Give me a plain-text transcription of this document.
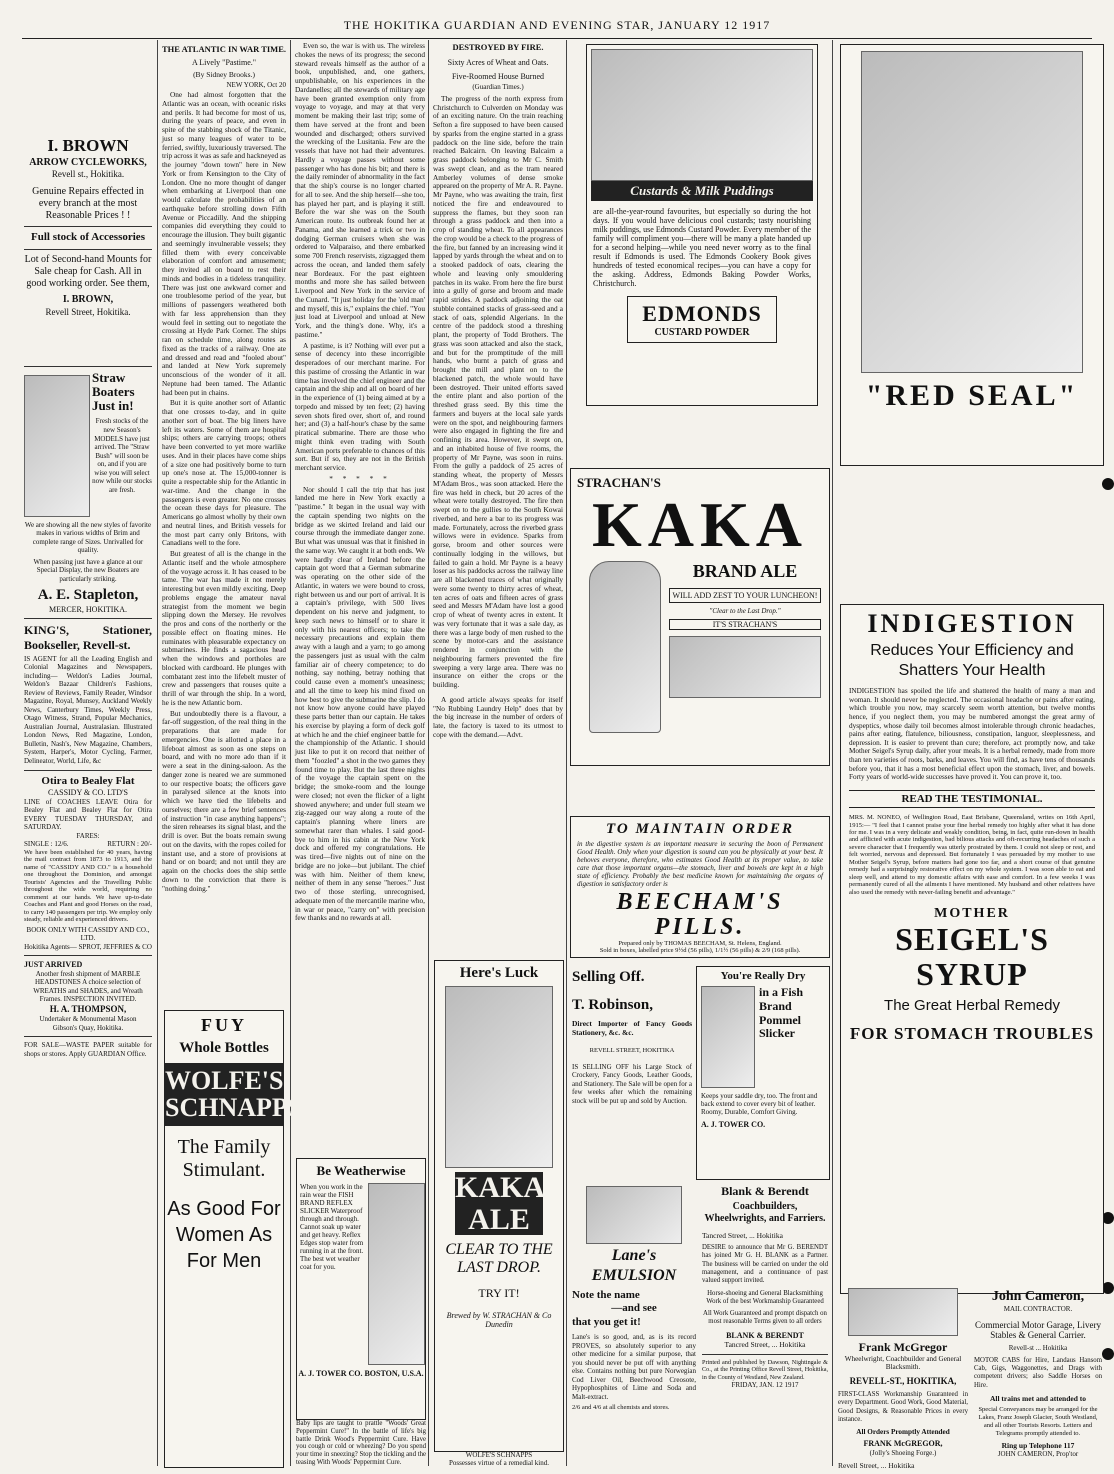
THE HOKITIKA GUARDIAN AND EVENING STAR, JANUARY 12 1917
I. BROWN
ARROW CYCLEWORKS,
Revell st., Hokitika.
Genuine Repairs effected in every branch at the most Reasonable Prices ! !
Full stock of Accessories
Lot of Second-hand Mounts for Sale cheap for Cash. All in good working order. See them,
I. BROWN,
Revell Street, Hokitika.
Straw Boaters Just in!
Fresh stocks of the new Season's MODELS have just arrived. The "Straw Bush" will soon be on, and if you are wise you will select now while our stocks are fresh.
We are showing all the new styles of favorite makes in various widths of Brim and complete range of Sizes. Unrivalled for quality.
When passing just have a glance at our Special Display, the new Boaters are particularly striking.
A. E. Stapleton,
MERCER, HOKITIKA.
KING'S, Stationer, Bookseller, Revell-st.
IS AGENT for all the Leading English and Colonial Magazines and Newspapers, including— Weldon's Ladies Journal, Weldon's Bazaar Children's Fashions, Review of Reviews, Family Reader, Windsor Magazine, Royal, Munsey, Auckland Weekly News, Canterbury Times, Weekly Press, Otago Witness, Strand, Popular Mechanics, Australian Journal, Australasian. Illustrated London News, Red Magazine, London, Bulletin, Nash's, New Magazine, Chambers, System, Harper's, Motor Cycling, Farmer, Delineator, World, Life, &c
Otira to Bealey Flat
CASSIDY & CO. LTD'S
LINE of COACHES LEAVE Otira for Bealey Flat and Bealey Flat for Otira EVERY TUESDAY THURSDAY, and SATURDAY.
FARES:
SINGLE : 12/6.	RETURN : 20/-
We have been established for 40 years, having the mail contract from 1873 to 1913, and the name of "CASSIDY AND CO." is a household one throughout the Dominion, and amongst Tourists' Agencies and the Travelling Public throughout the wide world, requiring no comment at our hands. We have up-to-date Coaches and Plant and good Horses on the road, to carry 140 passengers per trip. We employ only steady, reliable and experienced drivers.
BOOK ONLY WITH CASSIDY AND CO., LTD.
Hokitika Agents— SPROT, JEFFRIES & CO
JUST ARRIVED
Another fresh shipment of MARBLE HEADSTONES A choice selection of WREATHS and SHADES, and Wreath Frames. INSPECTION INVITED.
H. A. THOMPSON,
Undertaker & Monumental Mason
Gibson's Quay, Hokitika.
FOR SALE—WASTE PAPER suitable for shops or stores. Apply GUARDIAN Office.
THE ATLANTIC IN WAR TIME.
A Lively "Pastime."
(By Sidney Brooks.)
NEW YORK, Oct 20

One had almost forgotten that the Atlantic was an ocean, with oceanic risks and perils. It had become for most of us, during the years of peace, and even in spite of the stabbing shock of the Titanic, just so many leagues of water to be ferried, swiftly, luxuriously traversed. The trip across it was as safe and hackneyed as the journey "down town" here in New York or from Kensington to the City of London. One no more thought of danger when embarking at Liverpool than one would calculate the probabilities of an earthquake before strolling down Fifth Avenue or Piccadilly. And the shipping companies did everything they could to encourage the illusion. They built gigantic and seemingly invulnerable vessels; they filled them with every conceivable elaboration of comfort and amusement; they invited all on board to rest their minds and bodies in a tideless tranquility. There was just one awkward corner and one troublesome period of the year, but millions of passengers weathered both with far less apprehension than they would feel in setting out to negotiate the crossing at Hyde Park Corner. The ships ran on schedule time, along routes as fixed as the tracks of a railway. One ate and dressed and read and "fooled about" and landed at New York supremely unconscious of the wonder of it all. Neptune had been tamed. The Atlantic had been put in chains.

But it is quite another sort of Atlantic that one crosses to-day, and in quite another sort of boat. The big liners have left its waters. Some of them are hospital ships; others are carrying troops; others have been converted to yet more warlike uses. And in their places have come ships of a size one had positively borne to turn up one's nose at. The 15,000-tonner is quite a respectable ship for the Atlantic in war-time. And the change in the passengers is even greater. No one crosses the ocean these days for pleasure. The Americans go almost wholly by their own and neutral lines, and British vessels for the most part carry only Britons, with Canadians well to the fore.

But greatest of all is the change in the Atlantic itself and the whole atmosphere of the voyage across it. It has ceased to be tame. The war has made it not merely interesting but even mildly exciting. Deep problems engage the amateur naval strategist from the moment we begin slipping down the Mersey. He revolves the pros and cons of the northerly or the possible effect on floating mines. He ruminates with pleasurable expectancy on submarines. He finds a sagacious head when the windows and portholes are blocked with cardboard. He plunges with combatant zest into the lifebelt muster of crew and passengers that rouses quite a thrill of war through the ship. In a word, he is the new Atlantic born.

But undoubtedly there is a flavour, a far-off suggestion, of the real thing in the preparations that are made for emergencies. One is allotted a place in a lifeboat almost as soon as one steps on board, and with no more ado than if it were a seat in the dining-saloon. As the danger zone is neared we are summoned to our respective boats; the officers gave in paralysed silence at the knots into which we have tied the lifebelts and ourselves; there are a few brief sentences of instruction "in case anything happens"; the siren rehearses its signal blast, and the drill is over. But the boats remain swung out on the davits, with the ropes coiled for instant use, and a store of provisions at hand or on board; and not until they are again on the chocks does the ship settle down to the conviction that there is "nothing doing."

FUY
Whole Bottles
WOLFE'S SCHNAPPS
The Family Stimulant.
As Good For Women As For Men

Even so, the war is with us. The wireless chokes the news of its progress; the second steward reveals himself as the author of a book, unpublished, and, one gathers, unpublishable, on his experiences in the Dardanelles; all the stewards of military age have been granted exemption only from voyage to voyage, and may at that very moment be making their last trip; some of them have served at the front and been wounded and discharged; others survived the wrecking of the Lusitania. Few are the vessels that have not had their adventures. Hardly a voyage passes without some passenger who has done his bit; and there is the daily reminder of abnormality in the fact that the ship's course is no longer charted for all to see. And the ship herself—she too, has played her part, and is playing it still. Before the war she was on the South American route. Its outbreak found her at Panama, and she learned a trick or two in dodging German cruisers when she was ordered to Valparaiso, and there embarked some 700 French reservists, zigzagged them across the ocean, and landed them safely near Bordeaux. For the past eighteen months and more she has sailed between Liverpool and New York in the service of the Cunard. "It just holiday for the 'old man' and myself, this is," explains the chief. "You just load at Liverpool and unload at New York, and the thing's done. Why, it's a pastime."

A pastime, is it? Nothing will ever put a sense of decency into these incorrigible desperadoes of our merchant marine. For this pastime of crossing the Atlantic in war time has involved the chief engineer and the captain and the ship and all on board of her in the experience of (1) being aimed at by a torpedo and missed by ten feet; (2) having seven shots fired over, short of, and round her; and (3) a half-hour's chase by the same piratical submarine. There are those who might think even trading with South American ports preferable to chances of this sort. But if so, they are not in the British merchant service.

* * * * *

Nor should I call the trip that has just landed me here in New York exactly a "pastime." It began in the usual way with the captain spending two nights on the bridge as we skirted Ireland and laid our course through the immediate danger zone. But what was unusual was that it finished in the same way. We caught it at both ends. We were hardly clear of Ireland before the captain got word that a German submarine was operating on the other side of the Atlantic, in waters we were bound to cross, right between us and our port of arrival. It is a captain's privilege, with 500 lives dependent on his nerve and judgment, to keep such news to himself or to share it only with his nearest officers; to take the necessary precautions and explain them away with a laugh and a yarn; to go among the passengers just as usual with the calm familiar air of cheery competence; to do nothing, say nothing, betray nothing that could cause even a moment's uneasiness; and all the time to keep his mind fixed on how best to give the submarine the slip. I do not know how anyone could have played these parts better than our captain. He takes his exercise by playing a form of deck golf at which he and the chief engineer battle for the championship of the Atlantic. I should just like to put it on record that neither of them "foozled" a shot in the two games they found time to play. But the last three nights of the voyage the captain spent on the bridge; the smoke-room and the lounge were closed; not even the flicker of a light showed anywhere; and under full steam we zig-zagged our way along a route of the captain's planning where liners are somewhat rarer than whales. I said good-bye to him in his cabin at the New York dock and offered my congratulations. He was tired—five nights out of nine on the bridge are no joke—but jubilant. The chief was with him. Neither of them knew, neither of them in any sense "heroes." Just two of those sterling, unrecognised, adequate men of the mercantile marine who, in war or peace, "carry on" with precision few thanks and no rewards at all.

Be Weatherwise
When you work in the rain wear the FISH BRAND REFLEX SLICKER Waterproof through and through. Cannot soak up water and get heavy. Reflex Edges stop water from running in at the front. The best wet weather coat for you.
A. J. TOWER CO. BOSTON, U.S.A.
Baby lips are taught to prattle "Woods' Great Peppermint Cure!" In the battle of life's big battle Drink Wood's Peppermint Cure. Have you cough or cold or wheezing? Do you spend your time in sneezing? Stop the tickling and the teasing With Woods' Peppermint Cure.
DESTROYED BY FIRE.
Sixty Acres of Wheat and Oats.
Five-Roomed House Burned
(Guardian Times.)

The progress of the north express from Christchurch to Culverden on Monday was of an exciting nature. On the train reaching Sefton a fire supposed to have been caused by sparks from the engine started in a grass paddock on the line side, before the train reached Balcairn. On leaving Balcairn a grass paddock belonging to Mr C. Smith was swept clean, and as the tram neared Amberley volumes of dense smoke appeared on the property of Mr A. R. Payne. Mr Payne, who was awaiting the train, first noticed the fire and endeavoured to suppress the flames, but they soon ran through a grass paddock and then into a crop of standing wheat. To all appearances the crop would be a check to the progress of the fire, but fanned by an increasing wind it lapped by yards through the wheat and on to a stooked paddock of oats, clearing the whole and leaving only smouldering patches in its wake. From here the fire burst into a gully of gorse and broom and made rapid strides. A paddock adjoining the oat stubble contained stacks of grass-seed and a stack of oats, splendid Algerians. In the centre of the paddock stood a threshing plant, the property of Todd Brothers. The grass was soon attacked and also the stack, and but for the promptitude of the mill hands, who burnt a patch of grass and brought the mill and plant on to the blackened patch, the whole would have been destroyed. Their united efforts saved the entire plant and also portion of the threshed grass seed. By this time the farmers and buyers at the local sale yards were on the spot, and neighbouring farmers were also engaged in fighting the fire and confining its area. However, it swept on, and an inhabited house of five rooms, the property of Mr Payne, was soon in ruins. From the gully a paddock of 25 acres of standing wheat, the property of Messrs M'Adam Bros., was soon attacked. Here the fire was held in check, but 20 acres of the wheat were totally destroyed. The fire then swept on to the gullies to the South Kowai riverbed, and here a bar to its progress was made. Fortunately, across the riverbed grass willows were in evidence. Sparks from gorse, broom and other sources were continually lodging in the willows, but failed to gain a hold. Mr Payne is a heavy loser as his paddocks across the railway line are all blackened traces of what originally were some twenty to thirty acres of wheat, ten acres of oats and fifteen acres of grass seed and Messrs M'Adam have lost a good crop of wheat of twenty acres in extent. It was very fortunate that it was a sale day, as there was a large body of men rushed to the scene by motor-cars and the assistance rendered in conjunction with the neighbouring farmers prevented the fire sweeping a very large area. There was no insurance on either the crops or the building.

A good article always speaks for itself "No Rubbing Laundry Help" does that by the big increase in the number of orders of late, the factory is taxed to its utmost to cope with the demand.—Advt.

Here's Luck
KAKA ALE
CLEAR TO THE LAST DROP.
TRY IT!
Brewed by W. STRACHAN & Co Dunedin
WOLFE'S SCHNAPPS
Possesses virtue of a remedial kind.
Custards & Milk Puddings
are all-the-year-round favourites, but especially so during the hot days. If you would have delicious cool custards; tasty nourishing milk puddings, use Edmonds Custard Powder. Every member of the family will compliment you—there will be many a plate handed up for a second helping—while you need never worry as to the final result if Edmonds is used. The Edmonds Cookery Book gives hundreds of tested economical recipes—you can have a copy for the asking. Address, Edmonds Baking Powder Works, Christchurch.
EDMONDS
CUSTARD POWDER
STRACHAN'S
KAKA
BRAND ALE
WILL ADD ZEST TO YOUR LUNCHEON!
"Clear to the Last Drop."
IT'S STRACHAN'S
TO MAINTAIN ORDER
in the digestive system is an important measure in securing the boon of Permanent Good Health. Only when your digestion is sound can you be physically at your best. It behoves everyone, therefore, who estimates Good Health at its proper value, to take care that those important organs—the stomach, liver and bowels are kept in a high state of efficiency. Probably the best medicine known for maintaining the organs of digestion in satisfactory order is
BEECHAM'S PILLS.
Prepared only by THOMAS BEECHAM, St. Helens, England.
Sold in boxes, labelled price 9½d (56 pills), 1/1½ (56 pills) & 2/9 (168 pills).
Selling Off.
T. Robinson,
Direct Importer of Fancy Goods Stationery, &c. &c.
REVELL STREET, HOKITIKA
IS SELLING OFF his Large Stock of Crockery, Fancy Goods, Leather Goods, and Stationery. The Sale will be open for a few weeks after which the remaining stock will be put up and sold by Auction.
You're Really Dry
in a Fish Brand Pommel Slicker
Keeps your saddle dry, too. The front and back extend to cover every bit of leather. Roomy, Durable, Comfort Giving.
A. J. TOWER CO.
Lane's EMULSION
Note the name
—and see
that you get it!
Lane's is so good, and, as is its record PROVES, so absolutely superior to any other medicine for a similar purpose, that you should never be put off with anything else. Contains nothing but pure Norwegian Cod Liver Oil, Beechwood Creosote, Hypophosphites of Lime and Soda and Malt-extract.
2/6 and 4/6 at all chemists and stores.
Blank & Berendt
Coachbuilders, Wheelwrights, and Farriers.
Tancred Street, ... Hokitika
DESIRE to announce that Mr G. BERENDT has joined Mr G. H. BLANK as a Partner. The business will be carried on under the old management, and a continuance of past valued support invited.
Horse-shoeing and General Blacksmithing Work of the best Workmanship Guaranteed
All Work Guaranteed and prompt dispatch on most reasonable Terms given to all orders
BLANK & BERENDT
Tancred Street, ... Hokitika
Printed and published by Dawson, Nightingale & Co., at the Printing Office Revell Street, Hokitika, in the County of Westland, New Zealand.
FRIDAY, JAN. 12 1917
"RED SEAL"
INDIGESTION
Reduces Your Efficiency and Shatters Your Health
INDIGESTION has spoiled the life and shattered the health of many a man and woman. It should never be neglected. The occasional headache or pains after eating, which trouble you now, may scarcely seem worth attention, but twelve months hence, if you neglect them, you may be numbered amongst the great army of dyspeptics, whose daily toil becomes almost intolerable through chronic headaches, pains after eating, flatulence, biliousness, constipation, languor, sleeplessness, and depression. It is easier to prevent than cure; therefore, act promptly now, and take Mother Seigel's Syrup daily, after your meals. It is a herbal remedy, made from more than ten varieties of roots, barks, and leaves. You will find, as have tens of thousands before you, that it has a most beneficial effect upon the stomach, liver, and bowels. Forty years of world-wide successes have proved it. You can prove it, too.
READ THE TESTIMONIAL.
MRS. M. NONEO, of Wellington Road, East Brisbane, Queensland, writes on 16th April, 1915:— "I feel that I cannot praise your fine herbal remedy too highly after what it has done for me. I was in a very delicate and weakly condition, being, in fact, quite run-down in health and afflicted with acute indigestion, bad bilious attacks and oft-recurring headaches of such a severe character that I frequently was utterly prostrated by them. I could not sleep or rest, and felt worried, nervous and depressed. But fortunately I was persuaded by my mother to use Mother Seigel's Syrup, before matters had gone too far, and a short course of that genuine remedy had a surprisingly restorative effect on my whole system. I was soon able to eat and sleep well, and attend to my domestic affairs with ease and comfort. In a few weeks I was permanently cured of all the ailments I have mentioned. My husband and other relatives have also used the remedy with never-failing benefit and advantage."
MOTHER
SEIGEL'S SYRUP
The Great Herbal Remedy
FOR STOMACH TROUBLES
Frank McGregor
Wheelwright, Coachbuilder and General Blacksmith.
REVELL-ST., HOKITIKA,
FIRST-CLASS Workmanship Guaranteed in every Department. Good Work, Good Material, Good Designs, & Reasonable Prices in every instance.
All Orders Promptly Attended
FRANK McGREGOR,
(Jolly's Shoeing Forge.)
Revell Street, ... Hokitika
John Cameron,
MAIL CONTRACTOR.
Commercial Motor Garage, Livery Stables & General Carrier.
Revell-st ... Hokitika
MOTOR CABS for Hire, Landaus Hansom Cab, Gigs, Waggonettes, and Drags with competent drivers; also Saddle Horses on Hire.
All trains met and attended to
Special Conveyances may be arranged for the Lakes, Franz Joseph Glacier, South Westland, and all other Tourists Resorts. Letters and Telegrams promptly attended to.
Ring up Telephone 117
JOHN CAMERON, Prop'tor
